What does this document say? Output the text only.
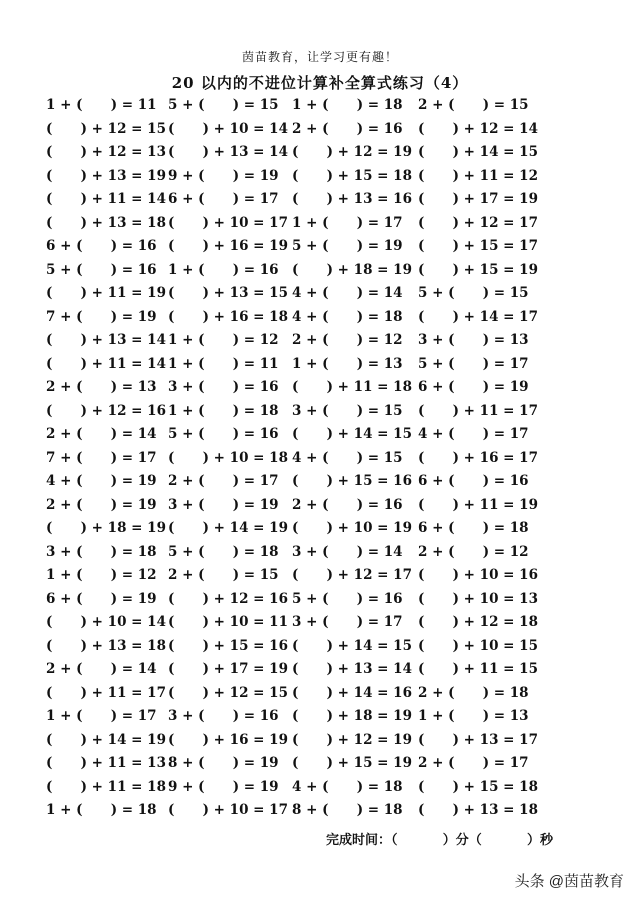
茵苗教育，让学习更有趣！
20 以内的不进位计算补全算式练习（4）
1 + (      ) = 11 5 + (      ) = 15 1 + (      ) = 18 2 + (      ) = 15
(      ) + 12 = 15 (      ) + 10 = 14 2 + (      ) = 16 (      ) + 12 = 14
(      ) + 12 = 13 (      ) + 13 = 14 (      ) + 12 = 19 (      ) + 14 = 15
(      ) + 13 = 19 9 + (      ) = 19 (      ) + 15 = 18 (      ) + 11 = 12
(      ) + 11 = 14 6 + (      ) = 17 (      ) + 13 = 16 (      ) + 17 = 19
(      ) + 13 = 18 (      ) + 10 = 17 1 + (      ) = 17 (      ) + 12 = 17
6 + (      ) = 16 (      ) + 16 = 19 5 + (      ) = 19 (      ) + 15 = 17
5 + (      ) = 16 1 + (      ) = 16 (      ) + 18 = 19 (      ) + 15 = 19
(      ) + 11 = 19 (      ) + 13 = 15 4 + (      ) = 14 5 + (      ) = 15
7 + (      ) = 19 (      ) + 16 = 18 4 + (      ) = 18 (      ) + 14 = 17
(      ) + 13 = 14 1 + (      ) = 12 2 + (      ) = 12 3 + (      ) = 13
(      ) + 11 = 14 1 + (      ) = 11 1 + (      ) = 13 5 + (      ) = 17
2 + (      ) = 13 3 + (      ) = 16 (      ) + 11 = 18 6 + (      ) = 19
(      ) + 12 = 16 1 + (      ) = 18 3 + (      ) = 15 (      ) + 11 = 17
2 + (      ) = 14 5 + (      ) = 16 (      ) + 14 = 15 4 + (      ) = 17
7 + (      ) = 17 (      ) + 10 = 18 4 + (      ) = 15 (      ) + 16 = 17
4 + (      ) = 19 2 + (      ) = 17 (      ) + 15 = 16 6 + (      ) = 16
2 + (      ) = 19 3 + (      ) = 19 2 + (      ) = 16 (      ) + 11 = 19
(      ) + 18 = 19 (      ) + 14 = 19 (      ) + 10 = 19 6 + (      ) = 18
3 + (      ) = 18 5 + (      ) = 18 3 + (      ) = 14 2 + (      ) = 12
1 + (      ) = 12 2 + (      ) = 15 (      ) + 12 = 17 (      ) + 10 = 16
6 + (      ) = 19 (      ) + 12 = 16 5 + (      ) = 16 (      ) + 10 = 13
(      ) + 10 = 14 (      ) + 10 = 11 3 + (      ) = 17 (      ) + 12 = 18
(      ) + 13 = 18 (      ) + 15 = 16 (      ) + 14 = 15 (      ) + 10 = 15
2 + (      ) = 14 (      ) + 17 = 19 (      ) + 13 = 14 (      ) + 11 = 15
(      ) + 11 = 17 (      ) + 12 = 15 (      ) + 14 = 16 2 + (      ) = 18
1 + (      ) = 17 3 + (      ) = 16 (      ) + 18 = 19 1 + (      ) = 13
(      ) + 14 = 19 (      ) + 16 = 19 (      ) + 12 = 19 (      ) + 13 = 17
(      ) + 11 = 13 8 + (      ) = 19 (      ) + 15 = 19 2 + (      ) = 17
(      ) + 11 = 18 9 + (      ) = 19 4 + (      ) = 18 (      ) + 15 = 18
1 + (      ) = 18 (      ) + 10 = 17 8 + (      ) = 18 (      ) + 13 = 18
完成时间：（          ）分（          ）秒
头条 @茵苗教育
